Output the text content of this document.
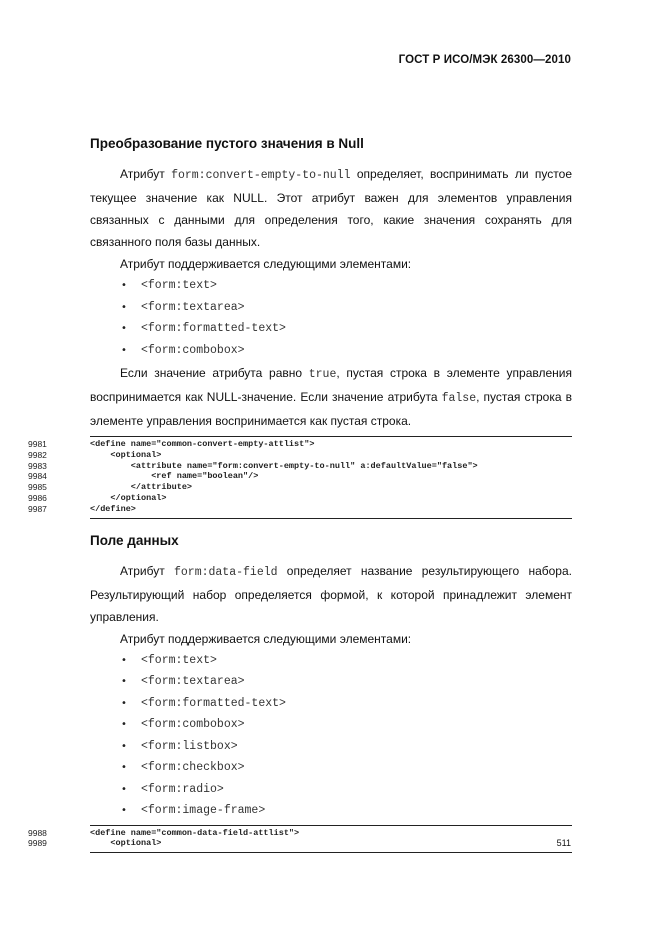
ГОСТ Р ИСО/МЭК 26300—2010
Преобразование пустого значения в Null

Атрибут form:convert-empty-to-null определяет, воспринимать ли пустое текущее значение как NULL. Этот атрибут важен для элементов управления связанных с данными для определения того, какие значения сохранять для связанного поля базы данных.

Атрибут поддерживается следующими элементами:

• <form:text>
• <form:textarea>
• <form:formatted-text>
• <form:combobox>

Если значение атрибута равно true, пустая строка в элементе управления воспринимается как NULL-значение. Если значение атрибута false, пустая строка в элементе управления воспринимается как пустая строка.

9981	<define name="common-convert-empty-attlist">
9982	<optional>
9983	<attribute name="form:convert-empty-to-null" a:defaultValue="false">
9984	<ref name="boolean"/>
9985	</attribute>
9986	</optional>
9987	</define>
Поле данных

Атрибут form:data-field определяет название результирующего набора. Результирующий набор определяется формой, к которой принадлежит элемент управления.

Атрибут поддерживается следующими элементами:

• <form:text>
• <form:textarea>
• <form:formatted-text>
• <form:combobox>
• <form:listbox>
• <form:checkbox>
• <form:radio>
• <form:image-frame>
9988	<define name="common-data-field-attlist">
9989	<optional>	511
